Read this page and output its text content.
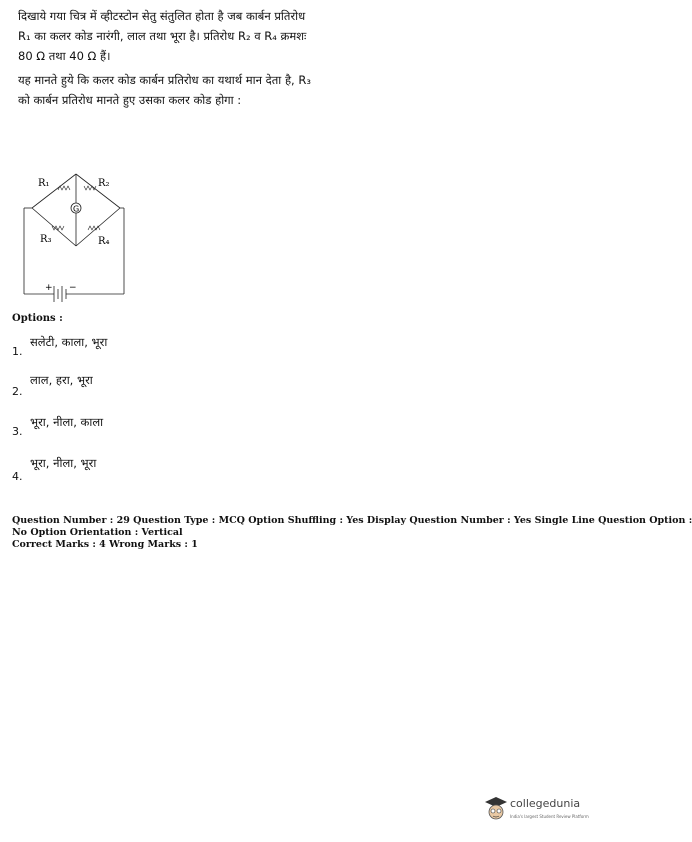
दिखाये गया चित्र में व्हीटस्टोन सेतु संतुलित होता है जब कार्बन प्रतिरोध R₁ का कलर कोड नारंगी, लाल तथा भूरा है। प्रतिरोध R₂ व R₄ क्रमशः 80 Ω तथा 40 Ω हैं।

यह मानते हुये कि कलर कोड कार्बन प्रतिरोध का यथार्थ मान देता है, R₃ को कार्बन प्रतिरोध मानते हुए उसका कलर कोड होगा :

R₁	R₂
R₃	R₄
G
+ −
Options :
1.
सलेटी, काला, भूरा
2.
लाल, हरा, भूरा
3.
भूरा, नीला, काला
4.
भूरा, नीला, भूरा
Question Number : 29 Question Type : MCQ Option Shuffling : Yes Display Question Number : Yes Single Line Question Option :
No Option Orientation : Vertical
Correct Marks : 4 Wrong Marks : 1
collegedunia
India's largest Student Review Platform
